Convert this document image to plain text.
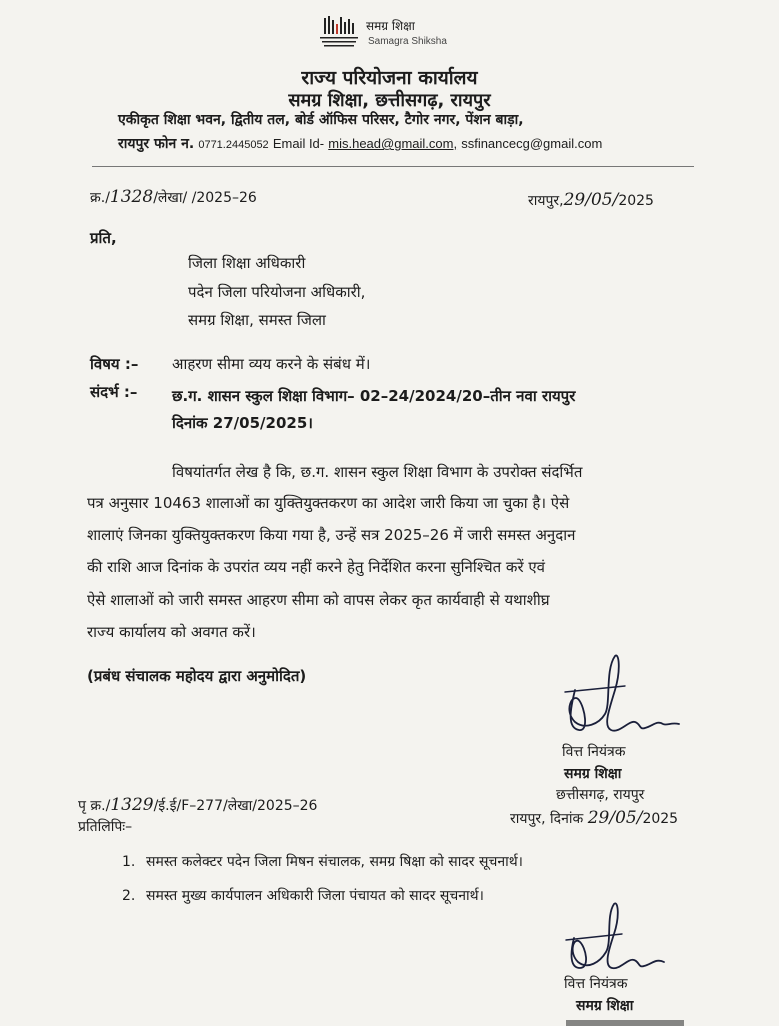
समग्र शिक्षा
Samagra Shiksha
राज्य परियोजना कार्यालय
समग्र शिक्षा, छत्तीसगढ़, रायपुर
एकीकृत शिक्षा भवन, द्वितीय तल, बोर्ड ऑफिस परिसर, टैगोर नगर, पेंशन बाड़ा,
रायपुर फोन न. 0771.2445052 Email Id- mis.head@gmail.com, ssfinancecg@gmail.com
क्र./1328/लेखा/ /2025–26	रायपुर,29/05/2025
प्रति,
जिला शिक्षा अधिकारी
पदेन जिला परियोजना अधिकारी,
समग्र शिक्षा, समस्त जिला
विषय :– आहरण सीमा व्यय करने के संबंध में।
संदर्भ :– छ.ग. शासन स्कुल शिक्षा विभाग– 02–24/2024/20–तीन नवा रायपुर
दिनांक 27/05/2025।
विषयांतर्गत लेख है कि, छ.ग. शासन स्कुल शिक्षा विभाग के उपरोक्त संदर्भित
पत्र अनुसार 10463 शालाओं का युक्तियुक्तकरण का आदेश जारी किया जा चुका है। ऐसे
शालाएं जिनका युक्तियुक्तकरण किया गया है, उन्हें सत्र 2025–26 में जारी समस्त अनुदान
की राशि आज दिनांक के उपरांत व्यय नहीं करने हेतु निर्देशित करना सुनिश्चित करें एवं
ऐसे शालाओं को जारी समस्त आहरण सीमा को वापस लेकर कृत कार्यवाही से यथाशीघ्र
राज्य कार्यालय को अवगत करें।
(प्रबंध संचालक महोदय द्वारा अनुमोदित)
वित्त नियंत्रक
समग्र शिक्षा
छत्तीसगढ़, रायपुर
रायपुर, दिनांक 29/05/2025
पृ क्र./1329/ई.ई/F–277/लेखा/2025–26
प्रतिलिपिः–
1. समस्त कलेक्टर पदेन जिला मिषन संचालक, समग्र षिक्षा को सादर सूचनार्थ।
2. समस्त मुख्य कार्यपालन अधिकारी जिला पंचायत को सादर सूचनार्थ।
वित्त नियंत्रक
समग्र शिक्षा
